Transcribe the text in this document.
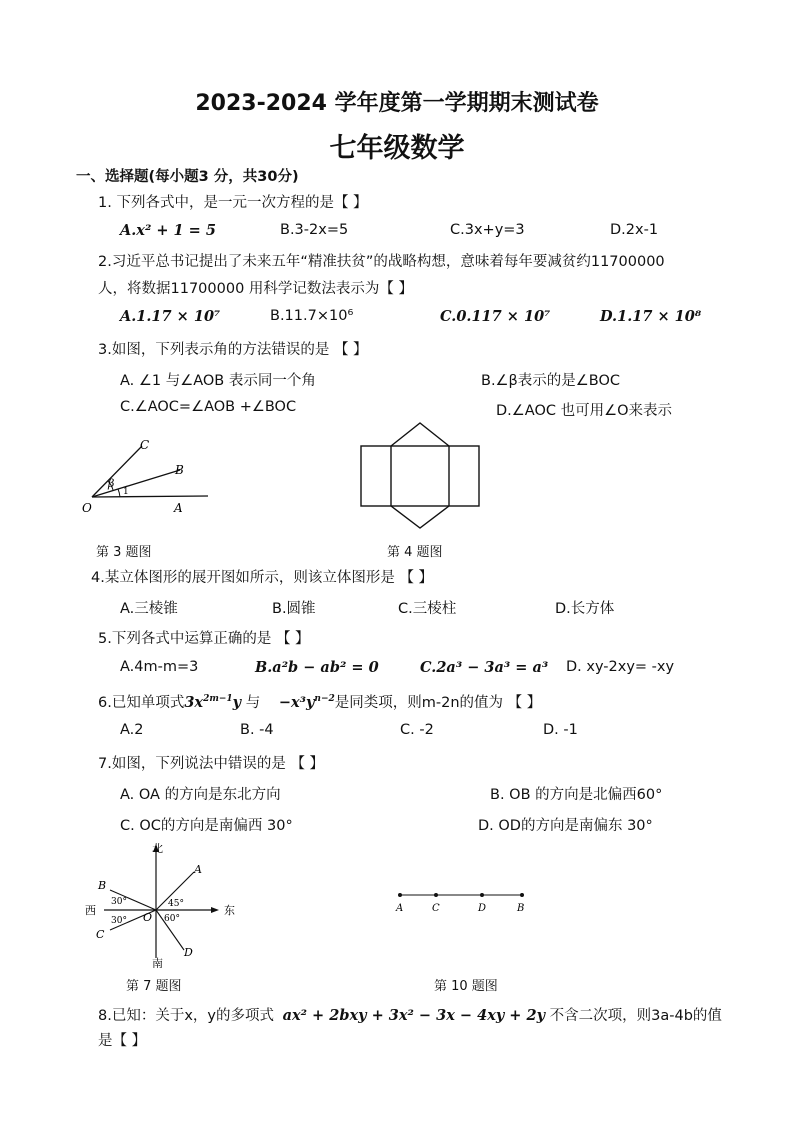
2023-2024 学年度第一学期期末测试卷
七年级数学
一、选择题(每小题3 分，共30分)
1. 下列各式中，是一元一次方程的是【 】
A.x² + 1 = 5	B.3-2x=5	C.3x+y=3	D.2x-1
2.习近平总书记提出了未来五年“精准扶贫”的战略构想，意味着每年要减贫约11700000
人，将数据11700000 用科学记数法表示为【 】
A.1.17 × 10⁷	B.11.7×10⁶	C.0.117 × 10⁷	D.1.17 × 10⁸
3.如图，下列表示角的方法错误的是 【 】
A. ∠1 与∠AOB 表示同一个角	B.∠β表示的是∠BOC
C.∠AOC=∠AOB +∠BOC	D.∠AOC 也可用∠O来表示
O	A
B
C
β
1
第 3 题图	第 4 题图
4.某立体图形的展开图如所示，则该立体图形是 【 】
A.三棱锥	B.圆锥	C.三棱柱	D.长方体
5.下列各式中运算正确的是 【 】
A.4m-m=3	B.a²b − ab² = 0	C.2a³ − 3a³ = a³ D. xy-2xy= -xy
6.已知单项式$3x^{2m-1}y$ 与 $-x^3y^{n-2}$是同类项，则m-2n的值为 【 】
A.2	B. -4	C. -2	D. -1
7.如图，下列说法中错误的是 【 】
A. OA 的方向是东北方向	B. OB 的方向是北偏西60°
C. OC的方向是南偏西 30°	D. OD的方向是南偏东 30°
北
南
东
西
A
B
C
D
O
45°
60°
30°
30°
第 7 题图
A	C	D	B
第 10 题图
8.已知：关于x，y的多项式 ax² + 2bxy + 3x² − 3x − 4xy + 2y 不含二次项，则3a-4b的值
是【 】
